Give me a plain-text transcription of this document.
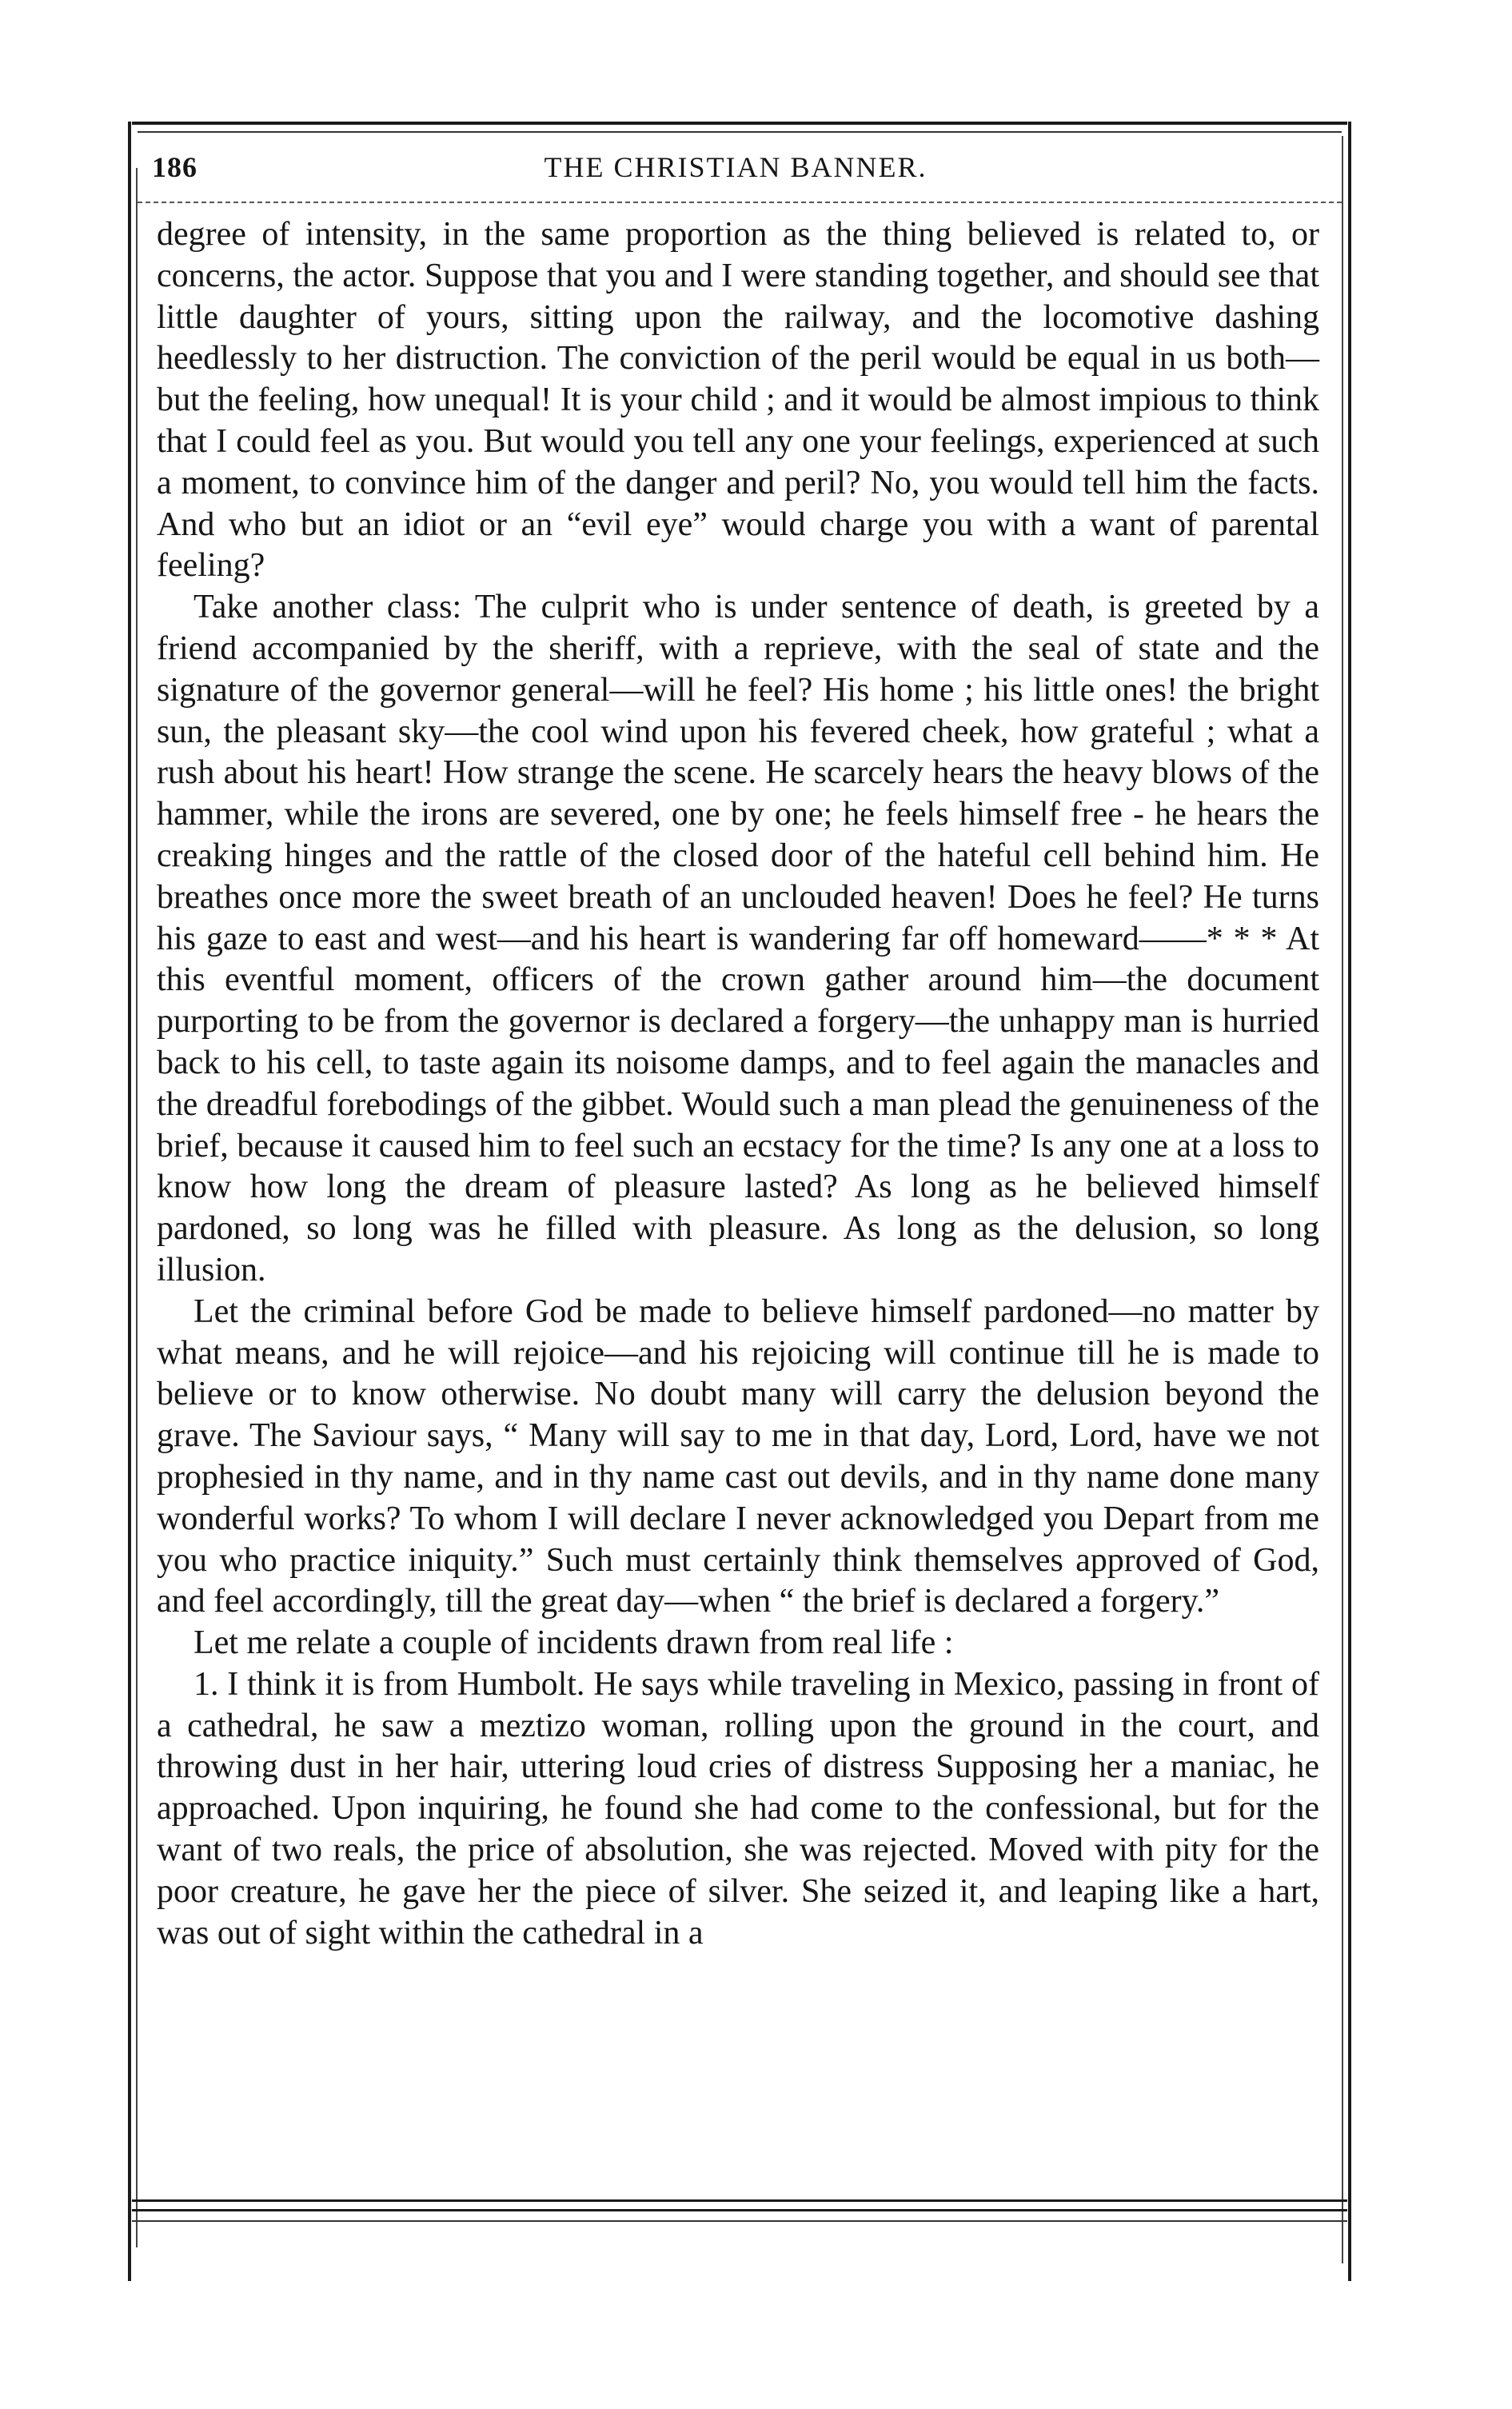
186	THE CHRISTIAN BANNER.

degree of intensity, in the same proportion as the thing believed is related to, or concerns, the actor. Suppose that you and I were standing together, and should see that little daughter of yours, sitting upon the railway, and the locomotive dashing heedlessly to her distruction. The conviction of the peril would be equal in us both—but the feeling, how unequal! It is your child ; and it would be almost impious to think that I could feel as you. But would you tell any one your feelings, experienced at such a moment, to convince him of the danger and peril? No, you would tell him the facts. And who but an idiot or an “evil eye” would charge you with a want of parental feeling?

Take another class: The culprit who is under sentence of death, is greeted by a friend accompanied by the sheriff, with a reprieve, with the seal of state and the signature of the governor general—will he feel? His home ; his little ones! the bright sun, the pleasant sky—the cool wind upon his fevered cheek, how grateful ; what a rush about his heart! How strange the scene. He scarcely hears the heavy blows of the hammer, while the irons are severed, one by one; he feels himself free - he hears the creaking hinges and the rattle of the closed door of the hateful cell behind him. He breathes once more the sweet breath of an unclouded heaven! Does he feel? He turns his gaze to east and west—and his heart is wandering far off homeward——* * * At this eventful moment, officers of the crown gather around him—the document purporting to be from the governor is declared a forgery—the unhappy man is hurried back to his cell, to taste again its noisome damps, and to feel again the manacles and the dreadful forebodings of the gibbet. Would such a man plead the genuineness of the brief, because it caused him to feel such an ecstacy for the time? Is any one at a loss to know how long the dream of pleasure lasted? As long as he believed himself pardoned, so long was he filled with pleasure. As long as the delusion, so long illusion.

Let the criminal before God be made to believe himself pardoned—no matter by what means, and he will rejoice—and his rejoicing will continue till he is made to believe or to know otherwise. No doubt many will carry the delusion beyond the grave. The Saviour says, “ Many will say to me in that day, Lord, Lord, have we not prophesied in thy name, and in thy name cast out devils, and in thy name done many wonderful works? To whom I will declare I never acknowledged you Depart from me you who practice iniquity.” Such must certainly think themselves approved of God, and feel accordingly, till the great day—when “ the brief is declared a forgery.”

Let me relate a couple of incidents drawn from real life :

1. I think it is from Humbolt. He says while traveling in Mexico, passing in front of a cathedral, he saw a meztizo woman, rolling upon the ground in the court, and throwing dust in her hair, uttering loud cries of distress Supposing her a maniac, he approached. Upon inquiring, he found she had come to the confessional, but for the want of two reals, the price of absolution, she was rejected. Moved with pity for the poor creature, he gave her the piece of silver. She seized it, and leaping like a hart, was out of sight within the cathedral in a
